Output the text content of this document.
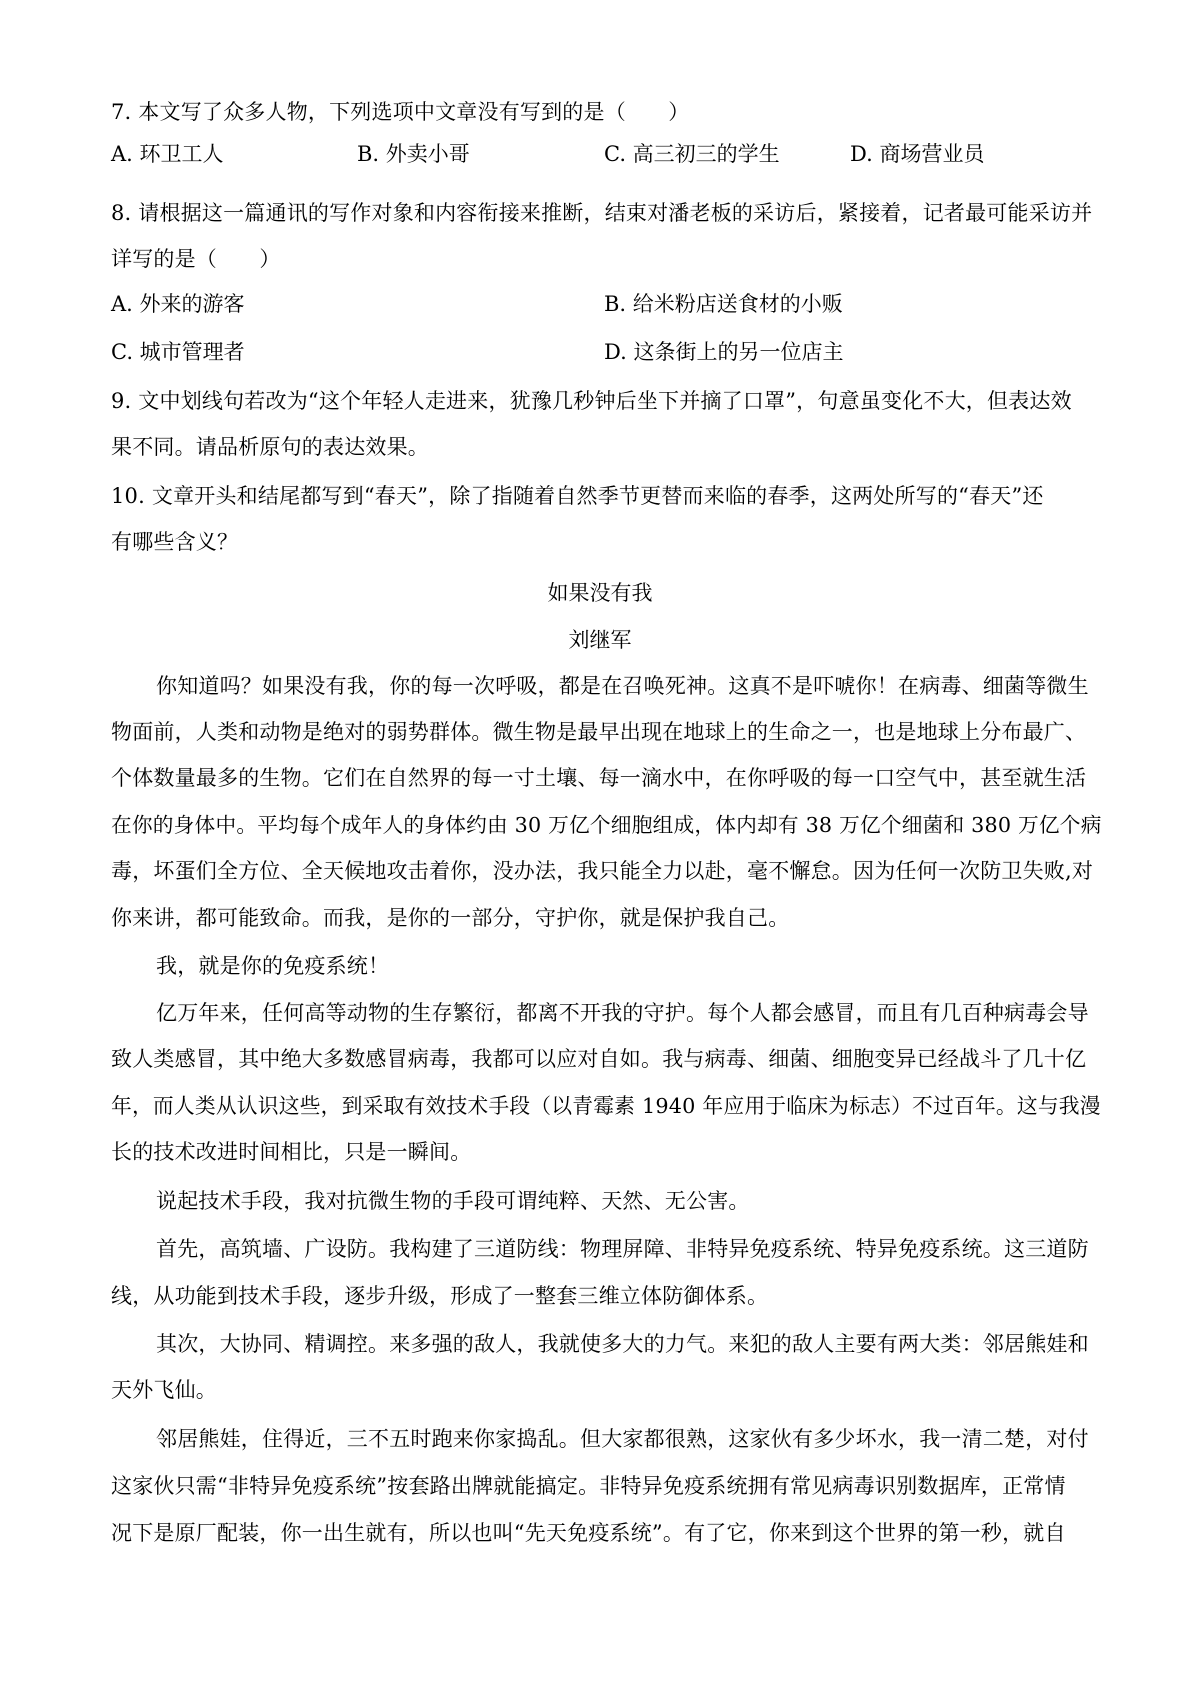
7. 本文写了众多人物，下列选项中文章没有写到的是（　　）
A. 环卫工人	B. 外卖小哥	C. 高三初三的学生	D. 商场营业员
8. 请根据这一篇通讯的写作对象和内容衔接来推断，结束对潘老板的采访后，紧接着，记者最可能采访并
详写的是（　　）
A. 外来的游客	B. 给米粉店送食材的小贩
C. 城市管理者	D. 这条街上的另一位店主
9. 文中划线句若改为“这个年轻人走进来，犹豫几秒钟后坐下并摘了口罩”，句意虽变化不大，但表达效
果不同。请品析原句的表达效果。
10. 文章开头和结尾都写到“春天”，除了指随着自然季节更替而来临的春季，这两处所写的“春天”还
有哪些含义？
如果没有我
刘继军
你知道吗？如果没有我，你的每一次呼吸，都是在召唤死神。这真不是吓唬你！在病毒、细菌等微生
物面前，人类和动物是绝对的弱势群体。微生物是最早出现在地球上的生命之一，也是地球上分布最广、
个体数量最多的生物。它们在自然界的每一寸土壤、每一滴水中，在你呼吸的每一口空气中，甚至就生活
在你的身体中。平均每个成年人的身体约由 30 万亿个细胞组成，体内却有 38 万亿个细菌和 380 万亿个病
毒，坏蛋们全方位、全天候地攻击着你，没办法，我只能全力以赴，毫不懈怠。因为任何一次防卫失败,对
你来讲，都可能致命。而我，是你的一部分，守护你，就是保护我自己。
我，就是你的免疫系统！
亿万年来，任何高等动物的生存繁衍，都离不开我的守护。每个人都会感冒，而且有几百种病毒会导
致人类感冒，其中绝大多数感冒病毒，我都可以应对自如。我与病毒、细菌、细胞变异已经战斗了几十亿
年，而人类从认识这些，到采取有效技术手段（以青霉素 1940 年应用于临床为标志）不过百年。这与我漫
长的技术改进时间相比，只是一瞬间。
说起技术手段，我对抗微生物的手段可谓纯粹、天然、无公害。
首先，高筑墙、广设防。我构建了三道防线：物理屏障、非特异免疫系统、特异免疫系统。这三道防
线，从功能到技术手段，逐步升级，形成了一整套三维立体防御体系。
其次，大协同、精调控。来多强的敌人，我就使多大的力气。来犯的敌人主要有两大类：邻居熊娃和
天外飞仙。
邻居熊娃，住得近，三不五时跑来你家捣乱。但大家都很熟，这家伙有多少坏水，我一清二楚，对付
这家伙只需“非特异免疫系统”按套路出牌就能搞定。非特异免疫系统拥有常见病毒识别数据库，正常情
况下是原厂配装，你一出生就有，所以也叫“先天免疫系统”。有了它，你来到这个世界的第一秒，就自
